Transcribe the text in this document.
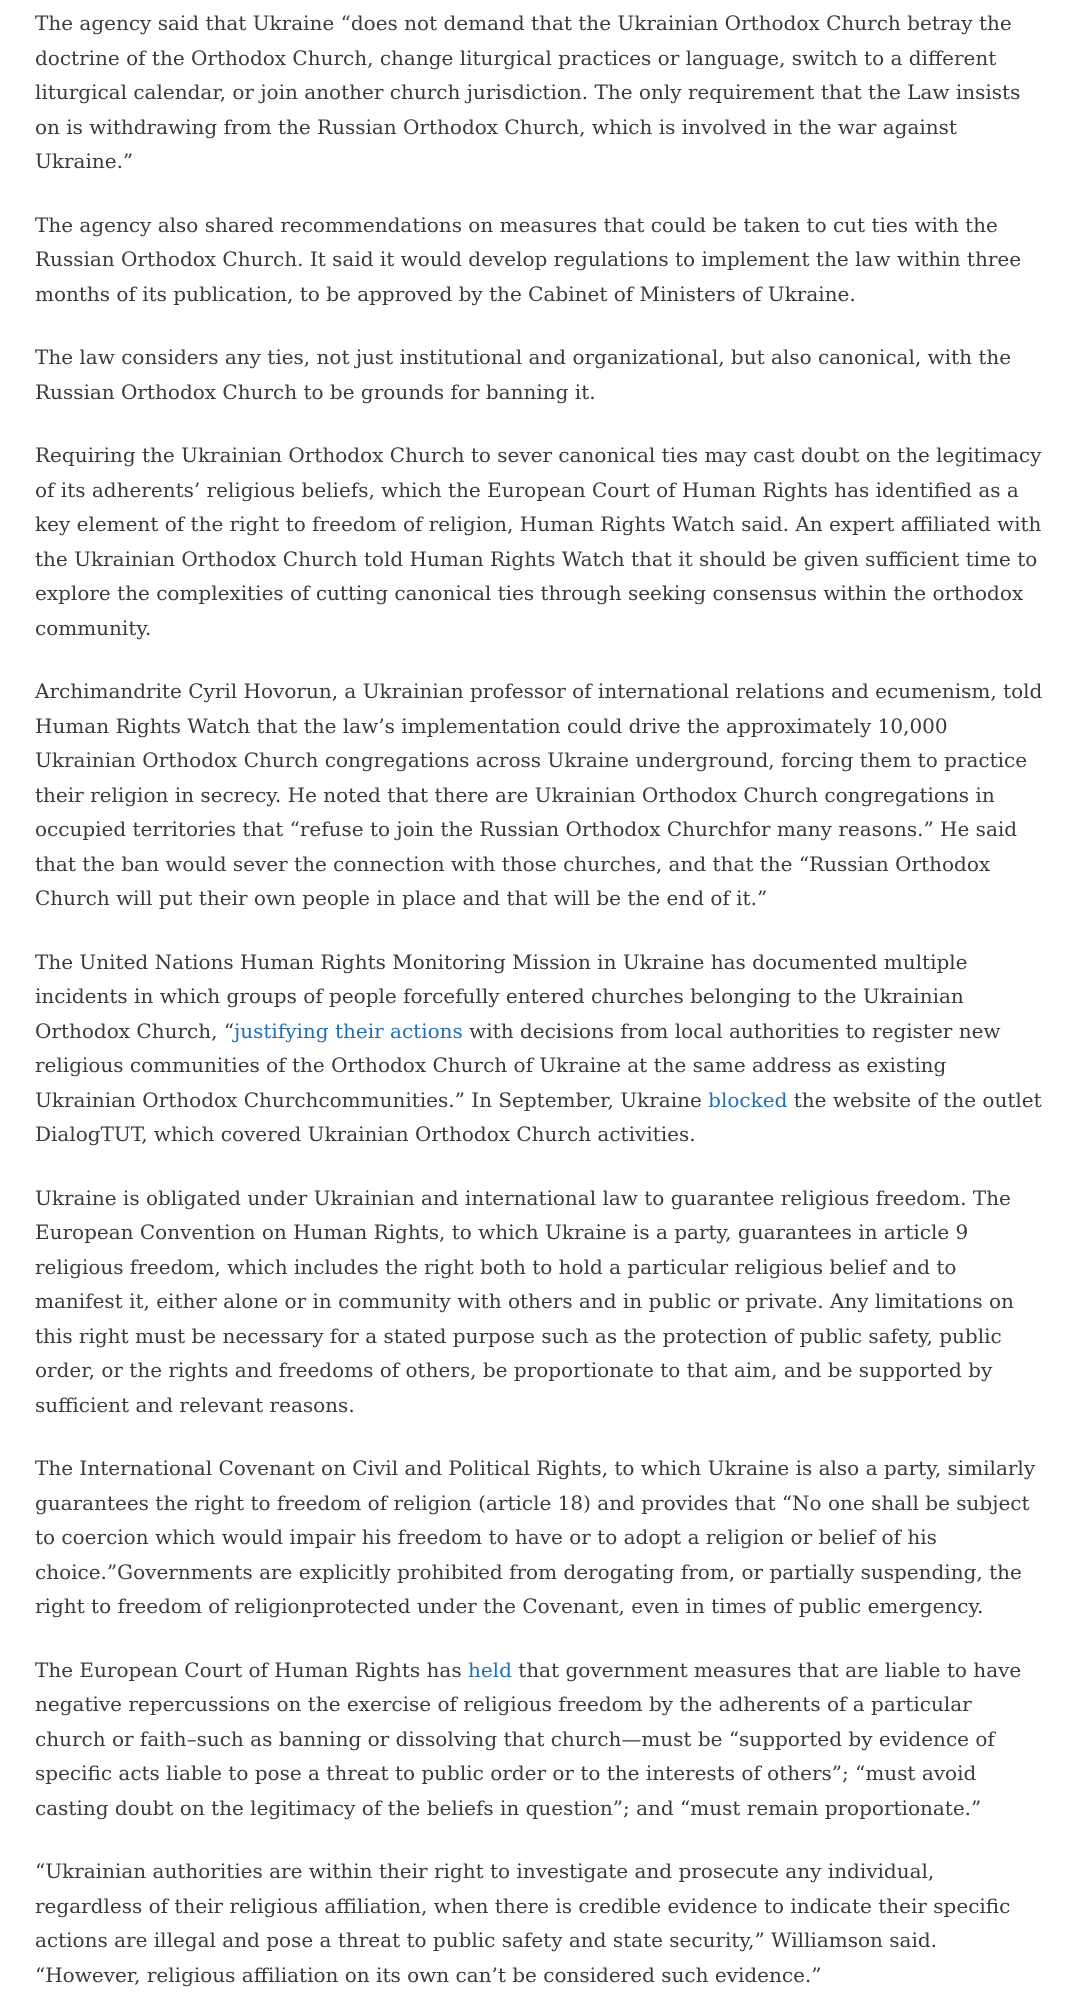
The agency said that Ukraine “does not demand that the Ukrainian Orthodox Church betray the doctrine of the Orthodox Church, change liturgical practices or language, switch to a different liturgical calendar, or join another church jurisdiction. The only requirement that the Law insists on is withdrawing from the Russian Orthodox Church, which is involved in the war against Ukraine.”

The agency also shared recommendations on measures that could be taken to cut ties with the Russian Orthodox Church. It said it would develop regulations to implement the law within three months of its publication, to be approved by the Cabinet of Ministers of Ukraine.

The law considers any ties, not just institutional and organizational, but also canonical, with the Russian Orthodox Church to be grounds for banning it.

Requiring the Ukrainian Orthodox Church to sever canonical ties may cast doubt on the legitimacy of its adherents’ religious beliefs, which the European Court of Human Rights has identified as a key element of the right to freedom of religion, Human Rights Watch said. An expert affiliated with the Ukrainian Orthodox Church told Human Rights Watch that it should be given sufficient time to explore the complexities of cutting canonical ties through seeking consensus within the orthodox community.

Archimandrite Cyril Hovorun, a Ukrainian professor of international relations and ecumenism, told Human Rights Watch that the law’s implementation could drive the approximately 10,000 Ukrainian Orthodox Church congregations across Ukraine underground, forcing them to practice their religion in secrecy. He noted that there are Ukrainian Orthodox Church congregations in occupied territories that “refuse to join the Russian Orthodox Churchfor many reasons.” He said that the ban would sever the connection with those churches, and that the “Russian Orthodox Church will put their own people in place and that will be the end of it.”

The United Nations Human Rights Monitoring Mission in Ukraine has documented multiple incidents in which groups of people forcefully entered churches belonging to the Ukrainian Orthodox Church, “justifying their actions with decisions from local authorities to register new religious communities of the Orthodox Church of Ukraine at the same address as existing Ukrainian Orthodox Churchcommunities.” In September, Ukraine blocked the website of the outlet DialogTUT, which covered Ukrainian Orthodox Church activities.

Ukraine is obligated under Ukrainian and international law to guarantee religious freedom. The European Convention on Human Rights, to which Ukraine is a party, guarantees in article 9 religious freedom, which includes the right both to hold a particular religious belief and to manifest it, either alone or in community with others and in public or private. Any limitations on this right must be necessary for a stated purpose such as the protection of public safety, public order, or the rights and freedoms of others, be proportionate to that aim, and be supported by sufficient and relevant reasons.

The International Covenant on Civil and Political Rights, to which Ukraine is also a party, similarly guarantees the right to freedom of religion (article 18) and provides that “No one shall be subject to coercion which would impair his freedom to have or to adopt a religion or belief of his choice.”Governments are explicitly prohibited from derogating from, or partially suspending, the right to freedom of religionprotected under the Covenant, even in times of public emergency.

The European Court of Human Rights has held that government measures that are liable to have negative repercussions on the exercise of religious freedom by the adherents of a particular church or faith–such as banning or dissolving that church—must be “supported by evidence of specific acts liable to pose a threat to public order or to the interests of others”; “must avoid casting doubt on the legitimacy of the beliefs in question”; and “must remain proportionate.”

“Ukrainian authorities are within their right to investigate and prosecute any individual, regardless of their religious affiliation, when there is credible evidence to indicate their specific actions are illegal and pose a threat to public safety and state security,” Williamson said. “However, religious affiliation on its own can’t be considered such evidence.”
